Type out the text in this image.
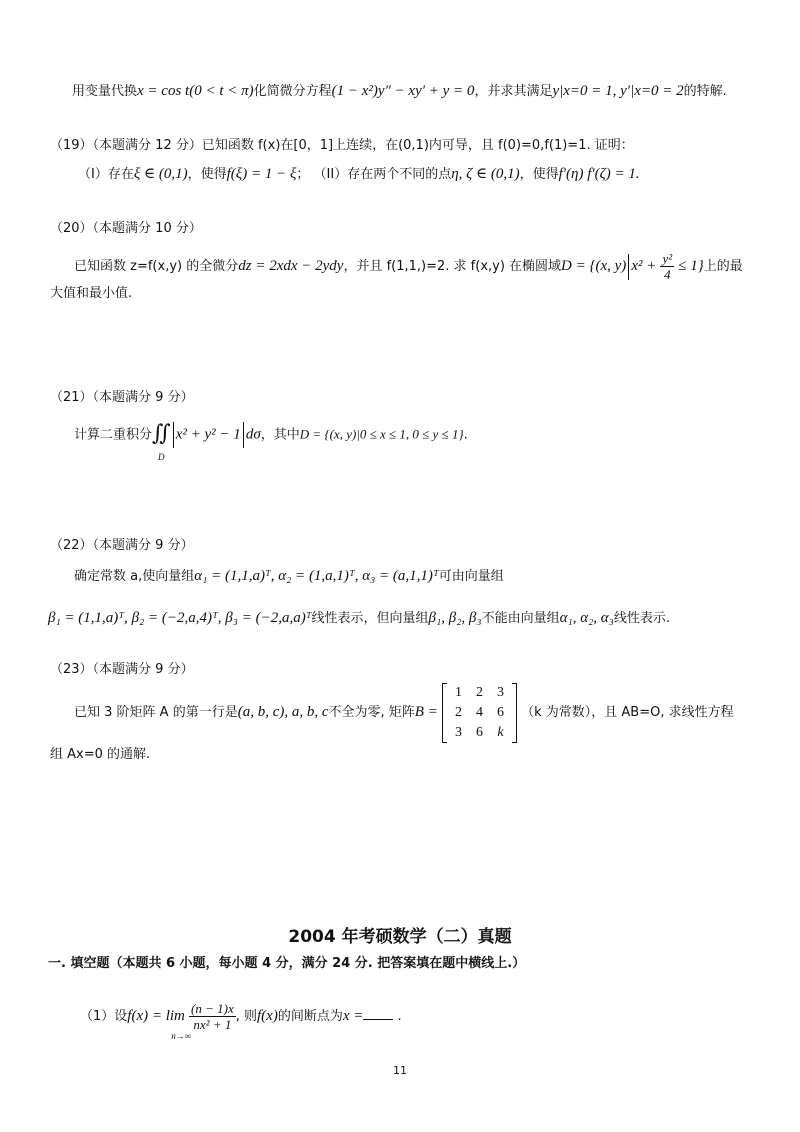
用变量代换x = cos t(0 < t < π)化简微分方程(1 − x²)y″ − xy′ + y = 0，并求其满足y|x=0 = 1, y′|x=0 = 2的特解.
（19）（本题满分 12 分）已知函数 f(x)在[0，1]上连续，在(0,1)内可导，且 f(0)=0,f(1)=1. 证明：
（I）存在ξ ∈ (0,1)，使得f(ξ) = 1 − ξ； （II）存在两个不同的点η, ζ ∈ (0,1)，使得f′(η) f′(ζ) = 1.
（20）（本题满分 10 分）
已知函数 z=f(x,y) 的全微分dz = 2xdx − 2ydy，并且 f(1,1,)=2. 求 f(x,y) 在椭圆域D = {(x, y) $x^2 + \frac{\text{y²}}{4} \le 1$}上的最
大值和最小值.
（21）（本题满分 9 分）
计算二重积分∬
D
x² + y² − 1 dσ，其中D = {(x, y)|0 ≤ x ≤ 1, 0 ≤ y ≤ 1}.
（22）（本题满分 9 分）
确定常数 a,使向量组α₁ = (1,1,a)ᵀ, α₂ = (1,a,1)ᵀ, α₃ = (a,1,1)ᵀ可由向量组
β₁ = (1,1,a)ᵀ, β₂ = (−2,a,4)ᵀ, β₃ = (−2,a,a)ᵀ线性表示，但向量组β₁, β₂, β₃不能由向量组α₁, α₂, α₃线性表示.
（23）（本题满分 9 分）
已知 3 阶矩阵 A 的第一行是(a, b, c), a, b, c不全为零, 矩阵B =
1	2	3
2	4	6
3	6	k
（k 为常数），且 AB=O, 求线性方程
组 Ax=0 的通解.
2004 年考硕数学（二）真题
一. 填空题（本题共 6 小题，每小题 4 分，满分 24 分. 把答案填在题中横线上.）
（1）设f(x) = lim
n→∞

$\frac{(n - 1)x}{\text{nx² + 1}}$ , 则f(x)的间断点为x =	.
11
